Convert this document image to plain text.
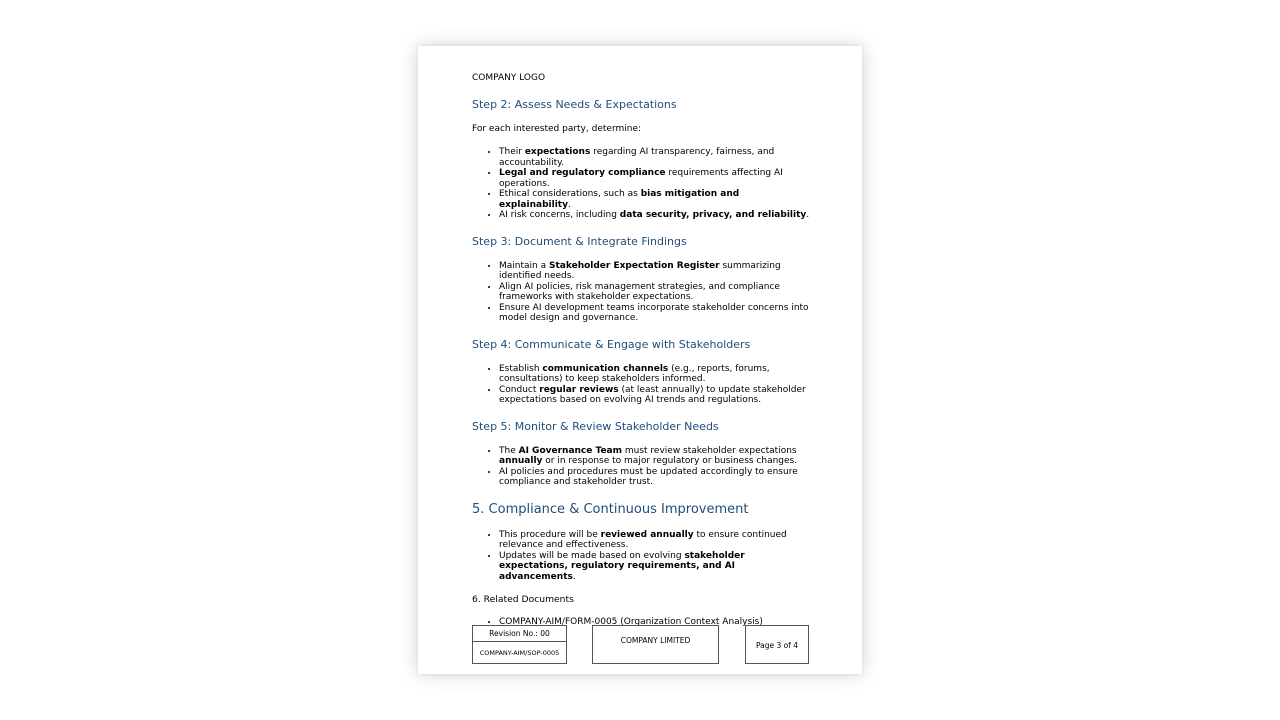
COMPANY LOGO

Step 2: Assess Needs & Expectations

For each interested party, determine:

• Their expectations regarding AI transparency, fairness, and accountability.
• Legal and regulatory compliance requirements affecting AI operations.
• Ethical considerations, such as bias mitigation and explainability.
• AI risk concerns, including data security, privacy, and reliability.
Step 3: Document & Integrate Findings
• Maintain a Stakeholder Expectation Register summarizing identified needs.
• Align AI policies, risk management strategies, and compliance frameworks with stakeholder expectations.
• Ensure AI development teams incorporate stakeholder concerns into model design and governance.
Step 4: Communicate & Engage with Stakeholders
• Establish communication channels (e.g., reports, forums, consultations) to keep stakeholders informed.
• Conduct regular reviews (at least annually) to update stakeholder expectations based on evolving AI trends and regulations.
Step 5: Monitor & Review Stakeholder Needs
• The AI Governance Team must review stakeholder expectations annually or in response to major regulatory or business changes.
• AI policies and procedures must be updated accordingly to ensure compliance and stakeholder trust.
5. Compliance & Continuous Improvement
• This procedure will be reviewed annually to ensure continued relevance and effectiveness.
• Updates will be made based on evolving stakeholder expectations, regulatory requirements, and AI advancements.

6. Related Documents

• COMPANY-AIM/FORM-0005 (Organization Context Analysis)
Revision No.: 00
COMPANY-AIM/SOP-0005
COMPANY LIMITED
Page 3 of 4
